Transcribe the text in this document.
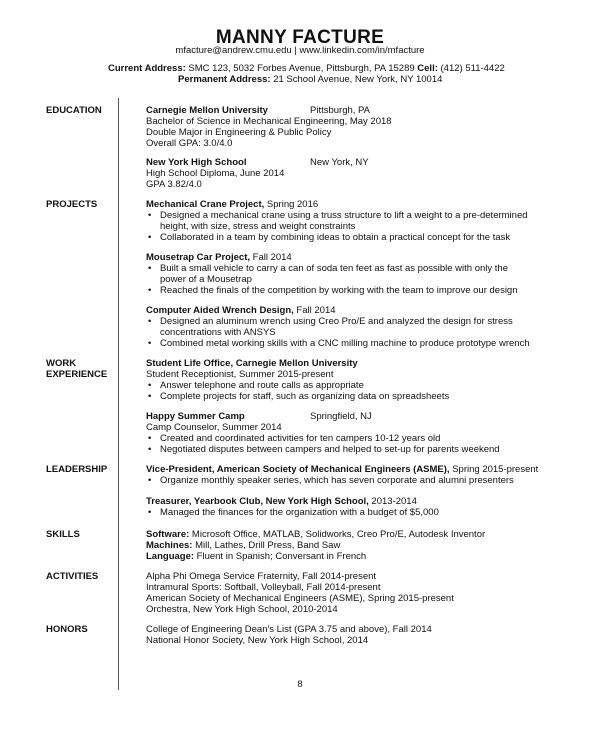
MANNY FACTURE
mfacture@andrew.cmu.edu | www.linkedin.com/in/mfacture
Current Address: SMC 123, 5032 Forbes Avenue, Pittsburgh, PA 15289 Cell: (412) 511-4422
Permanent Address: 21 School Avenue, New York, NY 10014
EDUCATION	Carnegie Mellon University	Pittsburgh, PA
Bachelor of Science in Mechanical Engineering, May 2018
Double Major in Engineering & Public Policy
Overall GPA: 3.0/4.0
New York High School	New York, NY
High School Diploma, June 2014
GPA 3.82/4.0
PROJECTS	Mechanical Crane Project, Spring 2016
• Designed a mechanical crane using a truss structure to lift a weight to a pre-determined
height, with size, stress and weight constraints
• Collaborated in a team by combining ideas to obtain a practical concept for the task
Mousetrap Car Project, Fall 2014
• Built a small vehicle to carry a can of soda ten feet as fast as possible with only the
power of a Mousetrap
• Reached the finals of the competition by working with the team to improve our design
Computer Aided Wrench Design, Fall 2014
• Designed an aluminum wrench using Creo Pro/E and analyzed the design for stress
concentrations with ANSYS
• Combined metal working skills with a CNC milling machine to produce prototype wrench
WORK
EXPERIENCE
Student Life Office, Carnegie Mellon University
Student Receptionist, Summer 2015-present
• Answer telephone and route calls as appropriate
• Complete projects for staff, such as organizing data on spreadsheets
Happy Summer Camp	Springfield, NJ
Camp Counselor, Summer 2014
• Created and coordinated activities for ten campers 10-12 years old
• Negotiated disputes between campers and helped to set-up for parents weekend
LEADERSHIP	Vice-President, American Society of Mechanical Engineers (ASME), Spring 2015-present
• Organize monthly speaker series, which has seven corporate and alumni presenters
Treasurer, Yearbook Club, New York High School, 2013-2014
• Managed the finances for the organization with a budget of $5,000
SKILLS	Software: Microsoft Office, MATLAB, Solidworks, Creo Pro/E, Autodesk Inventor
Machines: Mill, Lathes, Drill Press, Band Saw
Language: Fluent in Spanish; Conversant in French
ACTIVITIES	Alpha Phi Omega Service Fraternity, Fall 2014-present
Intramural Sports: Softball, Volleyball, Fall 2014-present
American Society of Mechanical Engineers (ASME), Spring 2015-present
Orchestra, New York High School, 2010-2014
HONORS	College of Engineering Dean's List (GPA 3.75 and above), Fall 2014
National Honor Society, New York High School, 2014
8
